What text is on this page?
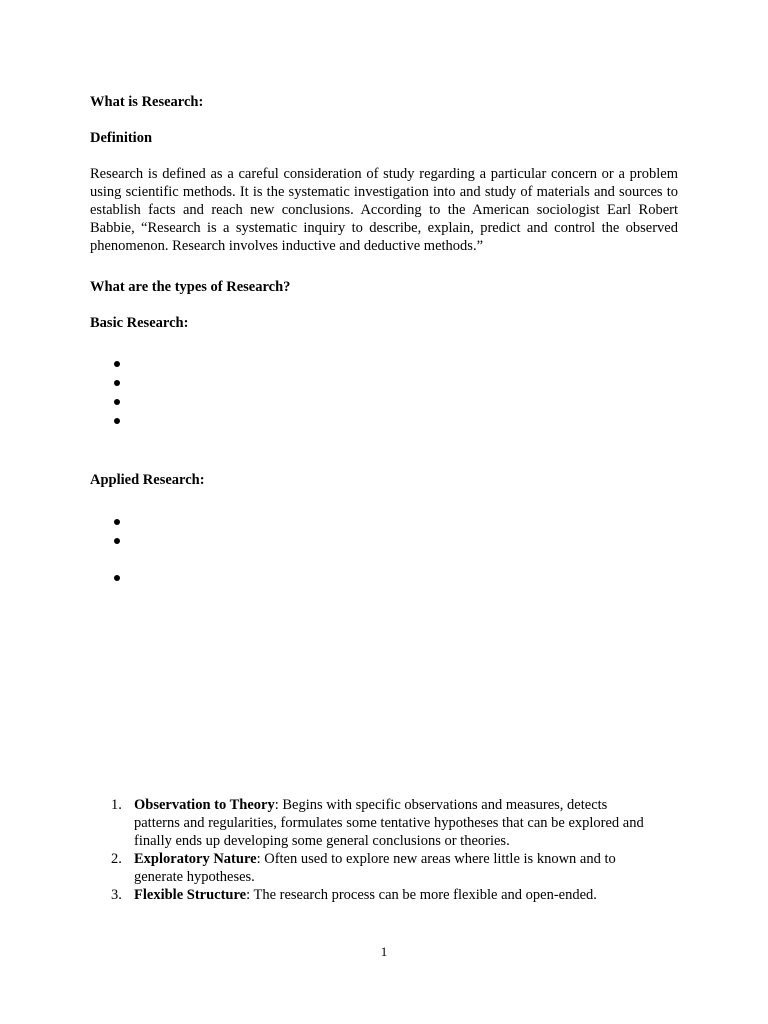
What is Research:

Definition

Research is defined as a careful consideration of study regarding a particular concern or a problem using scientific methods. It is the systematic investigation into and study of materials and sources to establish facts and reach new conclusions. According to the American sociologist Earl Robert Babbie, “Research is a systematic inquiry to describe, explain, predict and control the observed phenomenon. Research involves inductive and deductive methods.”

What are the types of Research?

Basic Research:

Applied Research:

1. Observation to Theory: Begins with specific observations and measures, detects patterns and regularities, formulates some tentative hypotheses that can be explored and finally ends up developing some general conclusions or theories.
2. Exploratory Nature: Often used to explore new areas where little is known and to generate hypotheses.
3. Flexible Structure: The research process can be more flexible and open-ended.
1
